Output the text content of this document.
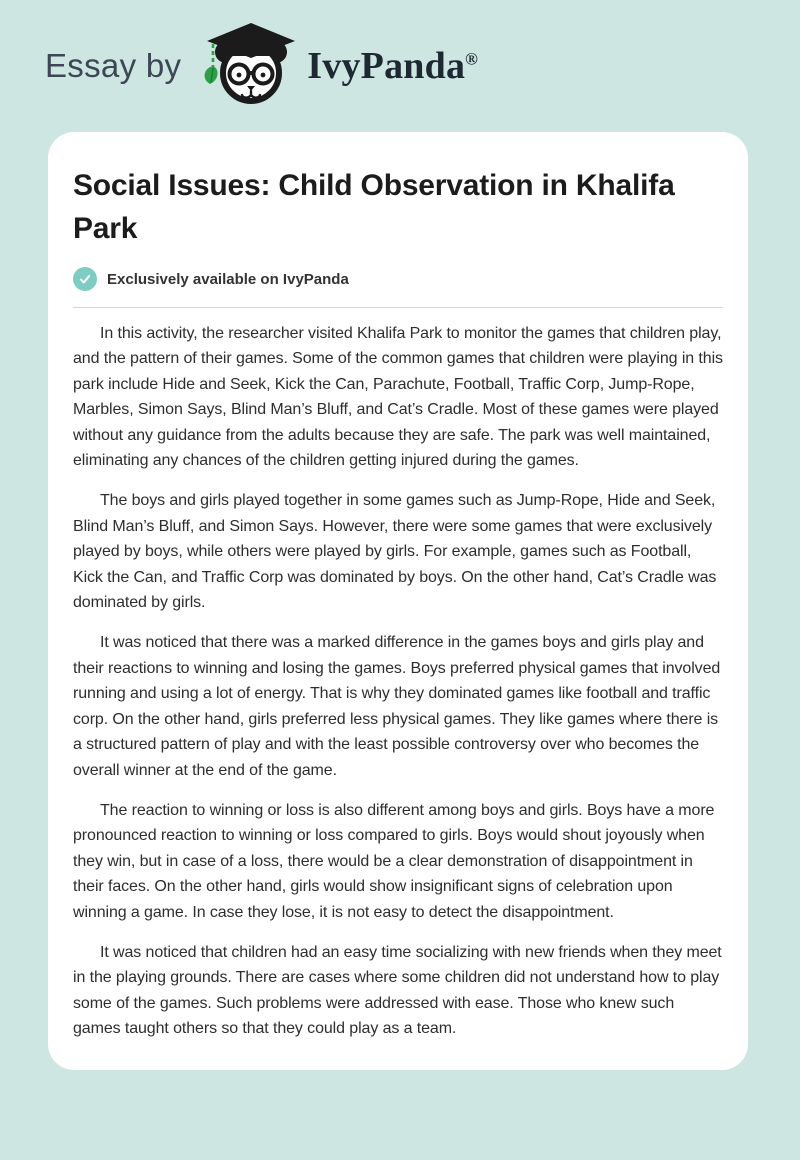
Essay by	IvyPanda®
Social Issues: Child Observation in Khalifa Park
Exclusively available on IvyPanda

In this activity, the researcher visited Khalifa Park to monitor the games that children play, and the pattern of their games. Some of the common games that children were playing in this park include Hide and Seek, Kick the Can, Parachute, Football, Traffic Corp, Jump-Rope, Marbles, Simon Says, Blind Man’s Bluff, and Cat’s Cradle. Most of these games were played without any guidance from the adults because they are safe. The park was well maintained, eliminating any chances of the children getting injured during the games.

The boys and girls played together in some games such as Jump-Rope, Hide and Seek, Blind Man’s Bluff, and Simon Says. However, there were some games that were exclusively played by boys, while others were played by girls. For example, games such as Football, Kick the Can, and Traffic Corp was dominated by boys. On the other hand, Cat’s Cradle was dominated by girls.

It was noticed that there was a marked difference in the games boys and girls play and their reactions to winning and losing the games. Boys preferred physical games that involved running and using a lot of energy. That is why they dominated games like football and traffic corp. On the other hand, girls preferred less physical games. They like games where there is a structured pattern of play and with the least possible controversy over who becomes the overall winner at the end of the game.

The reaction to winning or loss is also different among boys and girls. Boys have a more pronounced reaction to winning or loss compared to girls. Boys would shout joyously when they win, but in case of a loss, there would be a clear demonstration of disappointment in their faces. On the other hand, girls would show insignificant signs of celebration upon winning a game. In case they lose, it is not easy to detect the disappointment.

It was noticed that children had an easy time socializing with new friends when they meet in the playing grounds. There are cases where some children did not understand how to play some of the games. Such problems were addressed with ease. Those who knew such games taught others so that they could play as a team.
